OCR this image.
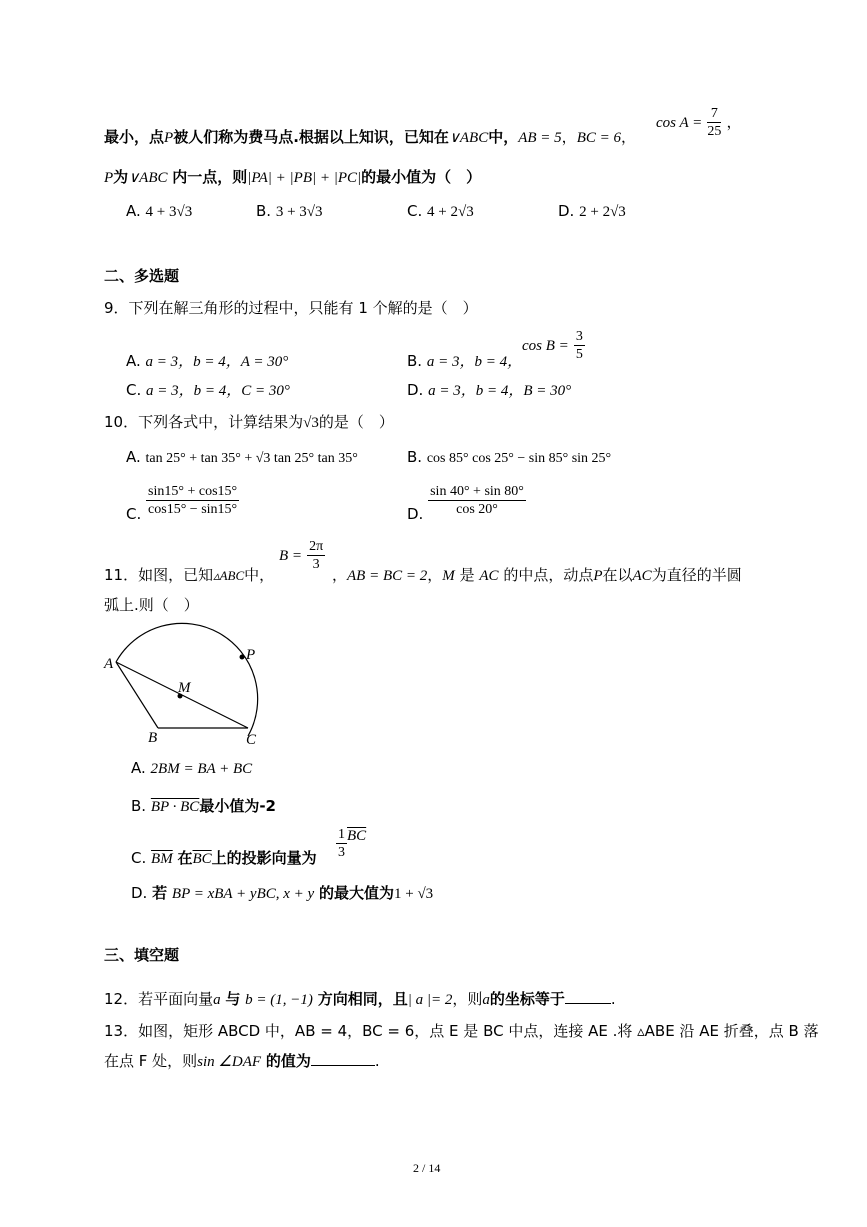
最小，点P被人们称为费马点.根据以上知识，已知在∨ABC中，AB = 5，BC = 6，
$\cos A = \frac{7}{25}$ ，
P为∨ABC 内一点，则|PA| + |PB| + |PC|的最小值为（　）
A. 4 + 3√3	B. 3 + 3√3	C. 4 + 2√3	D. 2 + 2√3
二、多选题
9．下列在解三角形的过程中，只能有 1 个解的是（　）
A. a = 3，b = 4，A = 30°	B. a = 3，b = 4，
$\cos B = \frac{3}{5}$
C. a = 3，b = 4，C = 30°	D. a = 3，b = 4，B = 30°
10．下列各式中，计算结果为√3的是（　）
A. tan 25° + tan 35° + √3 tan 25° tan 35°	B. cos 85° cos 25° − sin 85° sin 25°
C. $\frac{\sin 15^\circ + \cos 15^\circ}{\cos 15^\circ - \sin 15^\circ}$	D. $\frac{\sin 40^\circ + \sin 80^\circ}{\cos 20^\circ}$
11．如图，已知▵ABC中，
$B = \frac{2\pi}{3}$
，AB = BC = 2，M 是 AC 的中点，动点P在以AC为直径的半圆
弧上.则（　）
A
M
P
B	C
A. 2BM = BA + BC
B. BP · BC最小值为-2
C. $\overline{BM}$ 在$\overline{BC}$上的投影向量为 $\frac{1}{3} \overline{BC}$
D. 若 BP = xBA + yBC, x + y 的最大值为1 + √3
三、填空题
12．若平面向量a 与 b = (1, −1) 方向相同，且| a |= 2，则a的坐标等于	.
13．如图，矩形 ABCD 中，AB = 4，BC = 6，点 E 是 BC 中点，连接 AE .将 ▵ABE 沿 AE 折叠，点 B 落
在点 F 处，则sin ∠DAF 的值为	.
2 / 14
